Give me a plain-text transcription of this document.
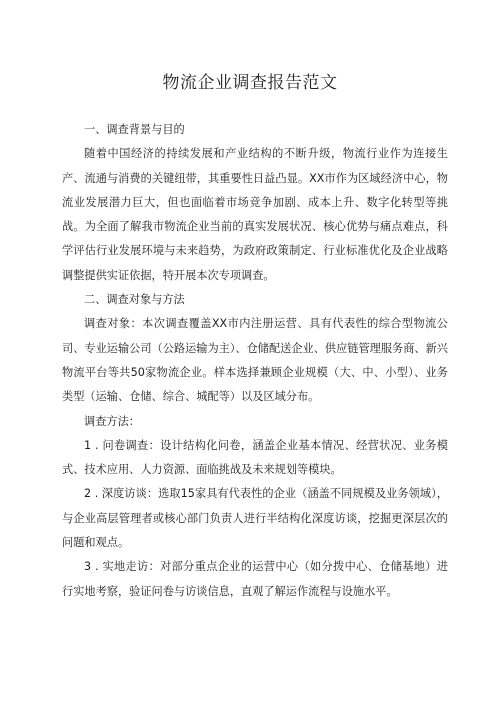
物流企业调查报告范文

一、调查背景与目的

随着中国经济的持续发展和产业结构的不断升级，物流行业作为连接生产、流通与消费的关键纽带，其重要性日益凸显。XX市作为区域经济中心，物流业发展潜力巨大，但也面临着市场竞争加剧、成本上升、数字化转型等挑战。为全面了解我市物流企业当前的真实发展状况、核心优势与痛点难点，科学评估行业发展环境与未来趋势，为政府政策制定、行业标准优化及企业战略调整提供实证依据，特开展本次专项调查。

二、调查对象与方法

调查对象：本次调查覆盖XX市内注册运营、具有代表性的综合型物流公司、专业运输公司（公路运输为主）、仓储配送企业、供应链管理服务商、新兴物流平台等共50家物流企业。样本选择兼顾企业规模（大、中、小型）、业务类型（运输、仓储、综合、城配等）以及区域分布。

调查方法：

1 . 问卷调查：设计结构化问卷，涵盖企业基本情况、经营状况、业务模式、技术应用、人力资源、面临挑战及未来规划等模块。

2 . 深度访谈：选取15家具有代表性的企业（涵盖不同规模及业务领域），与企业高层管理者或核心部门负责人进行半结构化深度访谈，挖掘更深层次的问题和观点。

3 . 实地走访：对部分重点企业的运营中心（如分拨中心、仓储基地）进行实地考察，验证问卷与访谈信息，直观了解运作流程与设施水平。
